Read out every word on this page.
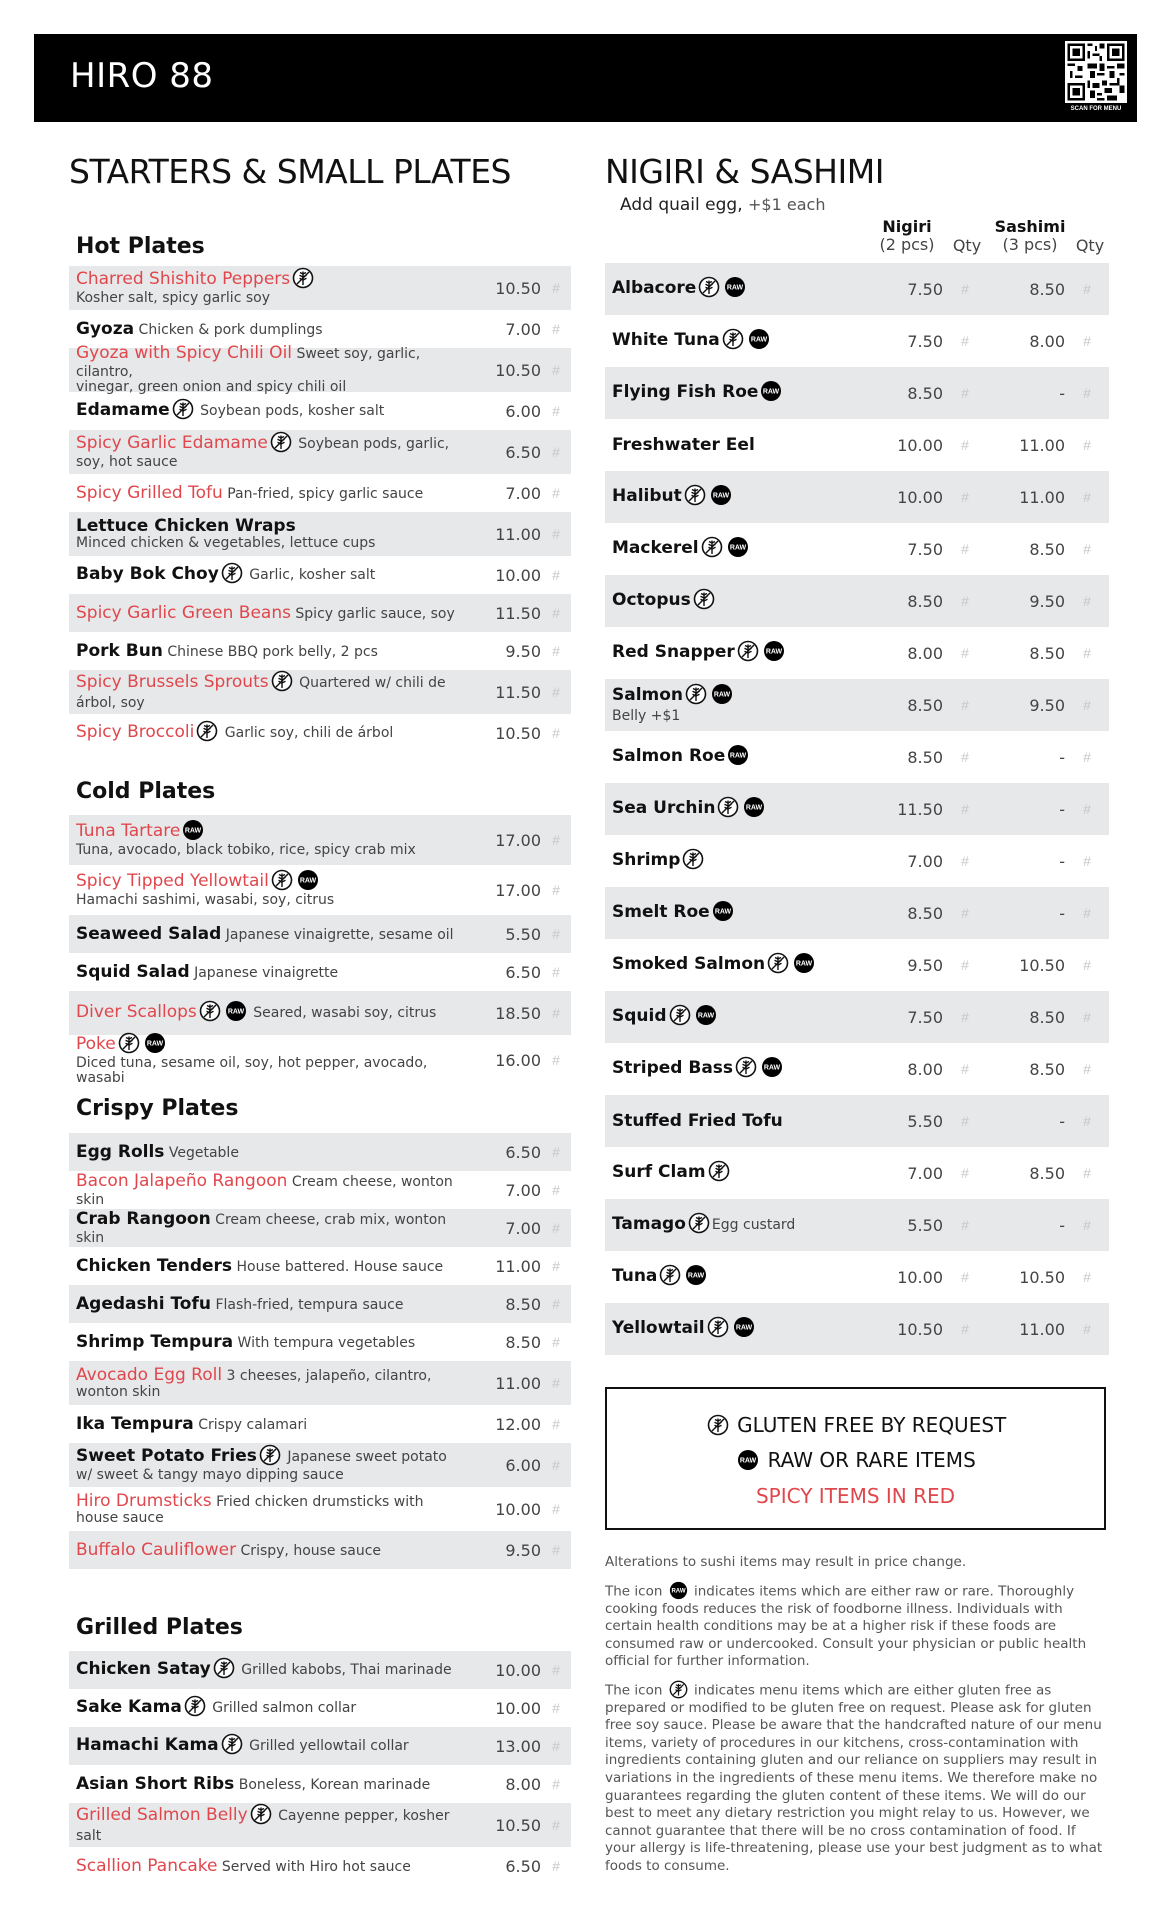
HIRO 88
SCAN FOR MENU
STARTERS & SMALL PLATES
Hot Plates
Charred Shishito Peppers
Kosher salt, spicy garlic soy
10.50 #
Gyoza Chicken & pork dumplings	7.00 #
Gyoza with Spicy Chili Oil Sweet soy, garlic, cilantro,
vinegar, green onion and spicy chili oil
10.50 #
Edamame Soybean pods, kosher salt	6.00 #
Spicy Garlic Edamame Soybean pods, garlic,
soy, hot sauce
6.50 #
Spicy Grilled Tofu Pan-fried, spicy garlic sauce	7.00 #
Lettuce Chicken Wraps
Minced chicken & vegetables, lettuce cups	11.00 #
Baby Bok Choy Garlic, kosher salt	10.00 #
Spicy Garlic Green Beans Spicy garlic sauce, soy	11.50 #
Pork Bun Chinese BBQ pork belly, 2 pcs	9.50 #
Spicy Brussels Sprouts Quartered w/ chili de árbol, soy
11.50 #
Spicy Broccoli Garlic soy, chili de árbol	10.50 #
Cold Plates
Tuna Tartare RAW
Tuna, avocado, black tobiko, rice, spicy crab mix
17.00 #
Spicy Tipped Yellowtail	RAW
Hamachi sashimi, wasabi, soy, citrus
17.00 #
Seaweed Salad Japanese vinaigrette, sesame oil	5.50 #
Squid Salad Japanese vinaigrette	6.50 #
Diver Scallops	RAW Seared, wasabi soy, citrus	18.50 #
Poke	RAW
Diced tuna, sesame oil, soy, hot pepper, avocado, wasabi
16.00 #
Crispy Plates
Egg Rolls Vegetable	6.50 #
Bacon Jalapeño Rangoon Cream cheese, wonton skin
7.00 #
Crab Rangoon Cream cheese, crab mix, wonton skin
7.00 #
Chicken Tenders House battered. House sauce	11.00 #
Agedashi Tofu Flash-fried, tempura sauce	8.50 #
Shrimp Tempura With tempura vegetables	8.50 #
Avocado Egg Roll 3 cheeses, jalapeño, cilantro,
wonton skin	11.00 #
Ika Tempura Crispy calamari	12.00 #
Sweet Potato Fries Japanese sweet potato
w/ sweet & tangy mayo dipping sauce
6.00 #
Hiro Drumsticks Fried chicken drumsticks with
house sauce	10.00 #
Buffalo Cauliflower Crispy, house sauce	9.50 #
Grilled Plates
Chicken Satay Grilled kabobs, Thai marinade	10.00 #
Sake Kama Grilled salmon collar	10.00 #
Hamachi Kama Grilled yellowtail collar	13.00 #
Asian Short Ribs Boneless, Korean marinade	8.00 #
Grilled Salmon Belly Cayenne pepper, kosher salt
10.50 #
Scallion Pancake Served with Hiro hot sauce	6.50 #
NIGIRI & SASHIMI
Add quail egg, +$1 each
Nigiri
(2 pcs)	Qty
Sashimi
(3 pcs)	Qty
Albacore	RAW	7.50	#	8.50	#
White Tuna	RAW	7.50	#	8.00	#
Flying Fish Roe RAW	8.50	#	-	#
Freshwater Eel	10.00	#	11.00	#
Halibut	RAW	10.00	#	11.00	#
Mackerel	RAW	7.50	#	8.50	#
Octopus	8.50	#	9.50	#
Red Snapper	RAW	8.00	#	8.50	#
Salmon	RAW

Belly +$1
8.50	#	9.50	#
Salmon Roe RAW	8.50	#	-	#
Sea Urchin	RAW	11.50	#	-	#
Shrimp	7.00	#	-	#
Smelt Roe RAW	8.50	#	-	#
Smoked Salmon	RAW	9.50	#	10.50	#
Squid	RAW	7.50	#	8.50	#
Striped Bass	RAW	8.00	#	8.50	#
Stuffed Fried Tofu	5.50	#	-	#
Surf Clam	7.00	#	8.50	#
Tamago Egg custard	5.50	#	-	#
Tuna	RAW	10.00	#	10.50	#
Yellowtail	RAW	10.50	#	11.00	#
GLUTEN FREE BY REQUEST
RAW RAW OR RARE ITEMS
SPICY ITEMS IN RED

Alterations to sushi items may result in price change.

The icon RAW indicates items which are either raw or rare. Thoroughly cooking foods reduces the risk of foodborne illness. Individuals with certain health conditions may be at a higher risk if these foods are consumed raw or undercooked. Consult your physician or public health official for further information.

The icon indicates menu items which are either gluten free as prepared or modified to be gluten free on request. Please ask for gluten free soy sauce. Please be aware that the handcrafted nature of our menu items, variety of procedures in our kitchens, cross-contamination with ingredients containing gluten and our reliance on suppliers may result in variations in the ingredients of these menu items. We therefore make no guarantees regarding the gluten content of these items. We will do our best to meet any dietary restriction you might relay to us. However, we cannot guarantee that there will be no cross contamination of food. If your allergy is life-threatening, please use your best judgment as to what foods to consume.
